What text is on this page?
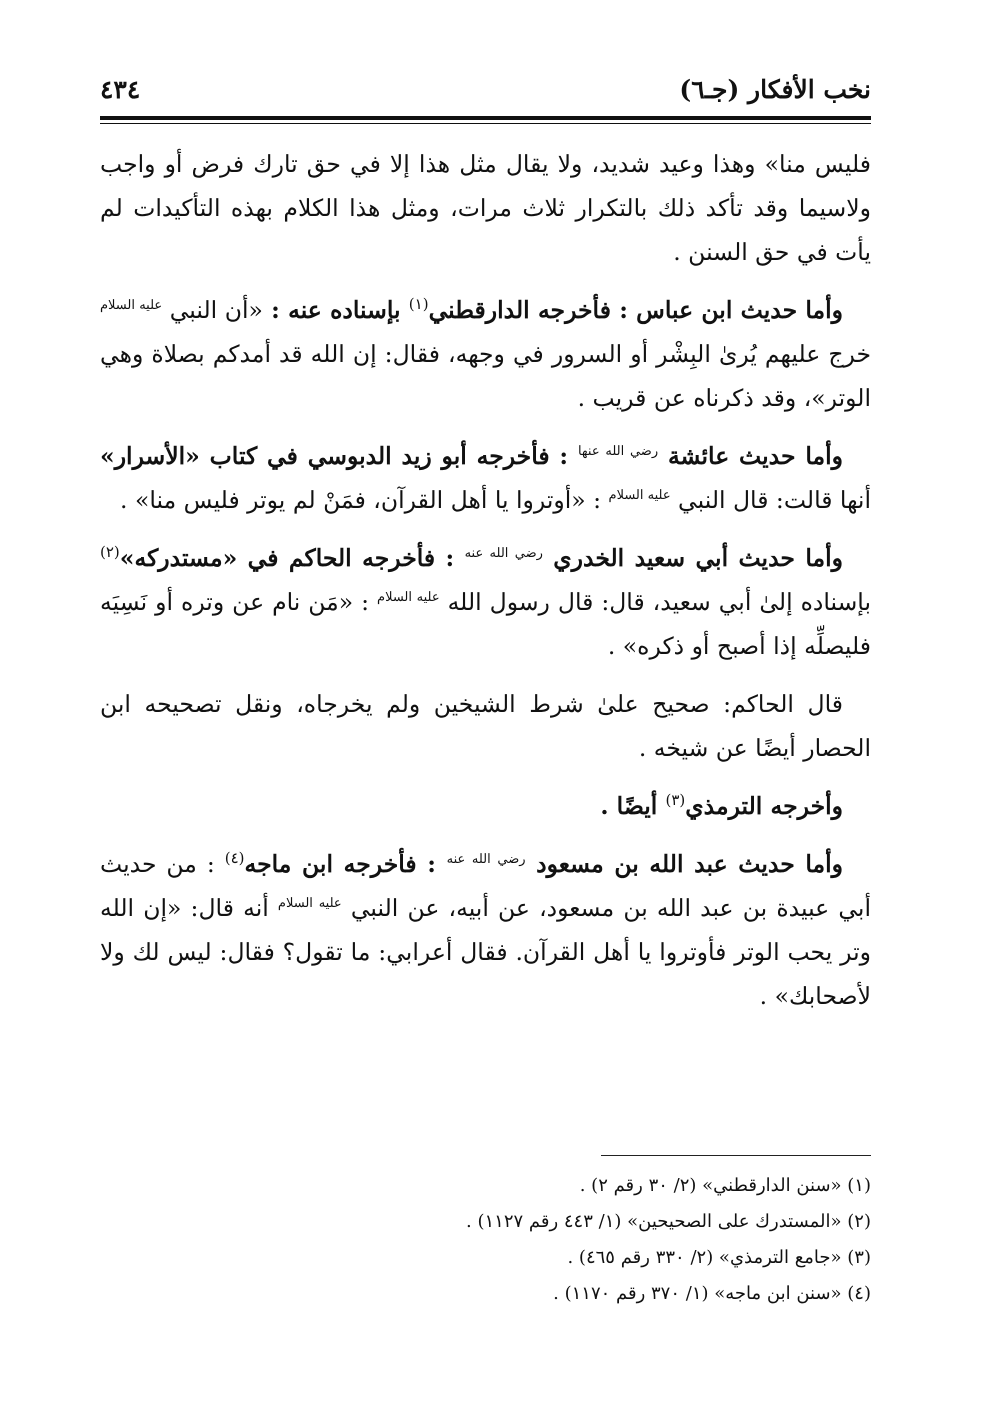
نخب الأفكار (جـ٦)
٤٣٤

فليس منا» وهذا وعيد شديد، ولا يقال مثل هذا إلا في حق تارك فرض أو واجب ولاسيما وقد تأكد ذلك بالتكرار ثلاث مرات، ومثل هذا الكلام بهذه التأكيدات لم يأت في حق السنن .

وأما حديث ابن عباس : فأخرجه الدارقطني$^{(١)}$ بإسناده عنه : «أن النبي $^{عليه السلام}$ خرج عليهم يُرىٰ البِشْر أو السرور في وجهه، فقال: إن الله قد أمدكم بصلاة وهي الوتر»، وقد ذكرناه عن قريب .

وأما حديث عائشة $^{رضي الله عنها}$ : فأخرجه أبو زيد الدبوسي في كتاب «الأسرار» أنها قالت: قال النبي $^{عليه السلام}$ : «أوتروا يا أهل القرآن، فمَنْ لم يوتر فليس منا» .

وأما حديث أبي سعيد الخدري $^{رضي الله عنه}$ : فأخرجه الحاكم في «مستدركه»$^{(٢)}$ بإسناده إلىٰ أبي سعيد، قال: قال رسول الله $^{عليه السلام}$ : «مَن نام عن وتره أو نَسِيَه فليصلِّه إذا أصبح أو ذكره» .

قال الحاكم: صحيح علىٰ شرط الشيخين ولم يخرجاه، ونقل تصحيحه ابن الحصار أيضًا عن شيخه .

وأخرجه الترمذي$^{(٣)}$ أيضًا .

وأما حديث عبد الله بن مسعود $^{رضي الله عنه}$ : فأخرجه ابن ماجه$^{(٤)}$ : من حديث أبي عبيدة بن عبد الله بن مسعود، عن أبيه، عن النبي $^{عليه السلام}$ أنه قال: «إن الله وتر يحب الوتر فأوتروا يا أهل القرآن. فقال أعرابي: ما تقول؟ فقال: ليس لك ولا لأصحابك» .

(١) «سنن الدارقطني» (٢/ ٣٠ رقم ٢) .

(٢) «المستدرك على الصحيحين» (١/ ٤٤٣ رقم ١١٢٧) .

(٣) «جامع الترمذي» (٢/ ٣٣٠ رقم ٤٦٥) .

(٤) «سنن ابن ماجه» (١/ ٣٧٠ رقم ١١٧٠) .
